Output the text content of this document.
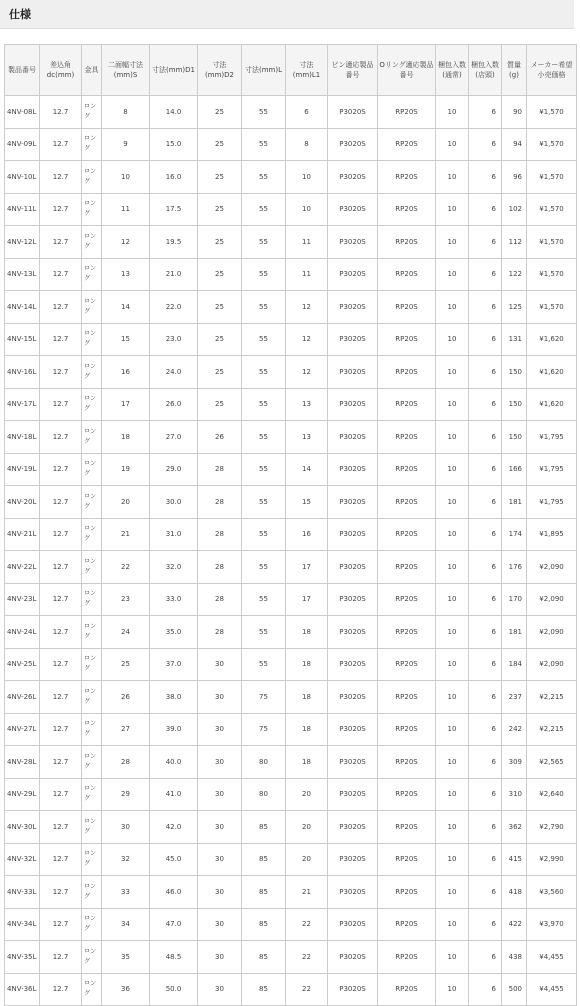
仕様
製品番号	差込角dc(mm)	金具	二面幅寸法(mm)S	寸法(mm)D1	寸法(mm)D2	寸法(mm)L	寸法(mm)L1	ピン適応製品番号	Oリング適応製品番号	梱包入数(通常)	梱包入数(店頭)	質量(g)	メーカー希望小売価格
4NV-08L	12.7	ロング	8	14.0	25	55	6	P3020S	RP20S	10	6	90	¥1,570
4NV-09L	12.7	ロング	9	15.0	25	55	8	P3020S	RP20S	10	6	94	¥1,570
4NV-10L	12.7	ロング	10	16.0	25	55	10	P3020S	RP20S	10	6	96	¥1,570
4NV-11L	12.7	ロング	11	17.5	25	55	10	P3020S	RP20S	10	6	102	¥1,570
4NV-12L	12.7	ロング	12	19.5	25	55	11	P3020S	RP20S	10	6	112	¥1,570
4NV-13L	12.7	ロング	13	21.0	25	55	11	P3020S	RP20S	10	6	122	¥1,570
4NV-14L	12.7	ロング	14	22.0	25	55	12	P3020S	RP20S	10	6	125	¥1,570
4NV-15L	12.7	ロング	15	23.0	25	55	12	P3020S	RP20S	10	6	131	¥1,620
4NV-16L	12.7	ロング	16	24.0	25	55	12	P3020S	RP20S	10	6	150	¥1,620
4NV-17L	12.7	ロング	17	26.0	25	55	13	P3020S	RP20S	10	6	150	¥1,620
4NV-18L	12.7	ロング	18	27.0	26	55	13	P3020S	RP20S	10	6	150	¥1,795
4NV-19L	12.7	ロング	19	29.0	28	55	14	P3020S	RP20S	10	6	166	¥1,795
4NV-20L	12.7	ロング	20	30.0	28	55	15	P3020S	RP20S	10	6	181	¥1,795
4NV-21L	12.7	ロング	21	31.0	28	55	16	P3020S	RP20S	10	6	174	¥1,895
4NV-22L	12.7	ロング	22	32.0	28	55	17	P3020S	RP20S	10	6	176	¥2,090
4NV-23L	12.7	ロング	23	33.0	28	55	17	P3020S	RP20S	10	6	170	¥2,090
4NV-24L	12.7	ロング	24	35.0	28	55	18	P3020S	RP20S	10	6	181	¥2,090
4NV-25L	12.7	ロング	25	37.0	30	55	18	P3020S	RP20S	10	6	184	¥2,090
4NV-26L	12.7	ロング	26	38.0	30	75	18	P3020S	RP20S	10	6	237	¥2,215
4NV-27L	12.7	ロング	27	39.0	30	75	18	P3020S	RP20S	10	6	242	¥2,215
4NV-28L	12.7	ロング	28	40.0	30	80	18	P3020S	RP20S	10	6	309	¥2,565
4NV-29L	12.7	ロング	29	41.0	30	80	20	P3020S	RP20S	10	6	310	¥2,640
4NV-30L	12.7	ロング	30	42.0	30	85	20	P3020S	RP20S	10	6	362	¥2,790
4NV-32L	12.7	ロング	32	45.0	30	85	20	P3020S	RP20S	10	6	415	¥2,990
4NV-33L	12.7	ロング	33	46.0	30	85	21	P3020S	RP20S	10	6	418	¥3,560
4NV-34L	12.7	ロング	34	47.0	30	85	22	P3020S	RP20S	10	6	422	¥3,970
4NV-35L	12.7	ロング	35	48.5	30	85	22	P3020S	RP20S	10	6	438	¥4,455
4NV-36L	12.7	ロング	36	50.0	30	85	22	P3020S	RP20S	10	6	500	¥4,455
